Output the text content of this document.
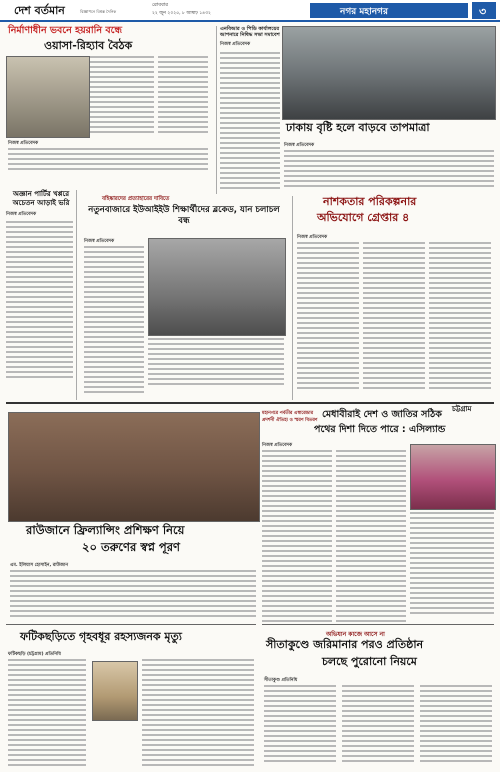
দেশ বর্তমান	বিজ্ঞাপনে বিশ্বস্ত দৈনিক
রোববার
২২ জুন ২০২৫, ৮ আষাঢ় ১৪৩২	নগর মহানগর	৩
নির্মাণাধীন ভবনে হয়রানি বন্ধে
ওয়াসা-রিহ্যাব বৈঠক
নিজস্ব প্রতিবেদক
এনবিআর ও পিডি কার্যালয়ের আপনারে নিষিদ্ধ সভা সমাবেশ
নিজস্ব প্রতিবেদক
ঢাকায় বৃষ্টি হলে বাড়বে তাপমাত্রা
নিজস্ব প্রতিবেদক
অজ্ঞান পার্টির খপ্পরে অচেতন আড়াই ভরি
নিজস্ব প্রতিবেদক
বহিষ্কারদের প্রত্যাহারের দাবিতে
নতুনবাজারে ইউআইইউ শিক্ষার্থীদের ব্লকেড, যান চলাচল বন্ধ
নিজস্ব প্রতিবেদক
নাশকতার পরিকল্পনার
অভিযোগে গ্রেপ্তার ৪
নিজস্ব প্রতিবেদক
চট্টগ্রাম
রাউজানে ফ্রিল্যান্সিং প্রশিক্ষণ নিয়ে
২০ তরুণের স্বপ্ন পূরণ
এম. ইলিয়াস হোসাইন, রাউজান
মহানগরে পর্বতীর এস্বারেন্ডার
প্রদর্শনী ঐতিহ্য ও স্মরণ বিতরণ
মেধাবীরাই দেশ ও জাতির সঠিক
পথের দিশা দিতে পারে : এসিল্যান্ড
নিজস্ব প্রতিবেদক
ফটিকছড়িতে গৃহবধূর রহস্যজনক মৃত্যু
ফটিকছড়ি (চট্টগ্রাম) প্রতিনিধি
অভিযান কাজে আসে না
সীতাকুণ্ডে জরিমানার পরও প্রতিষ্ঠান
চলছে পুরোনো নিয়মে
সীতাকুণ্ড প্রতিনিধি
